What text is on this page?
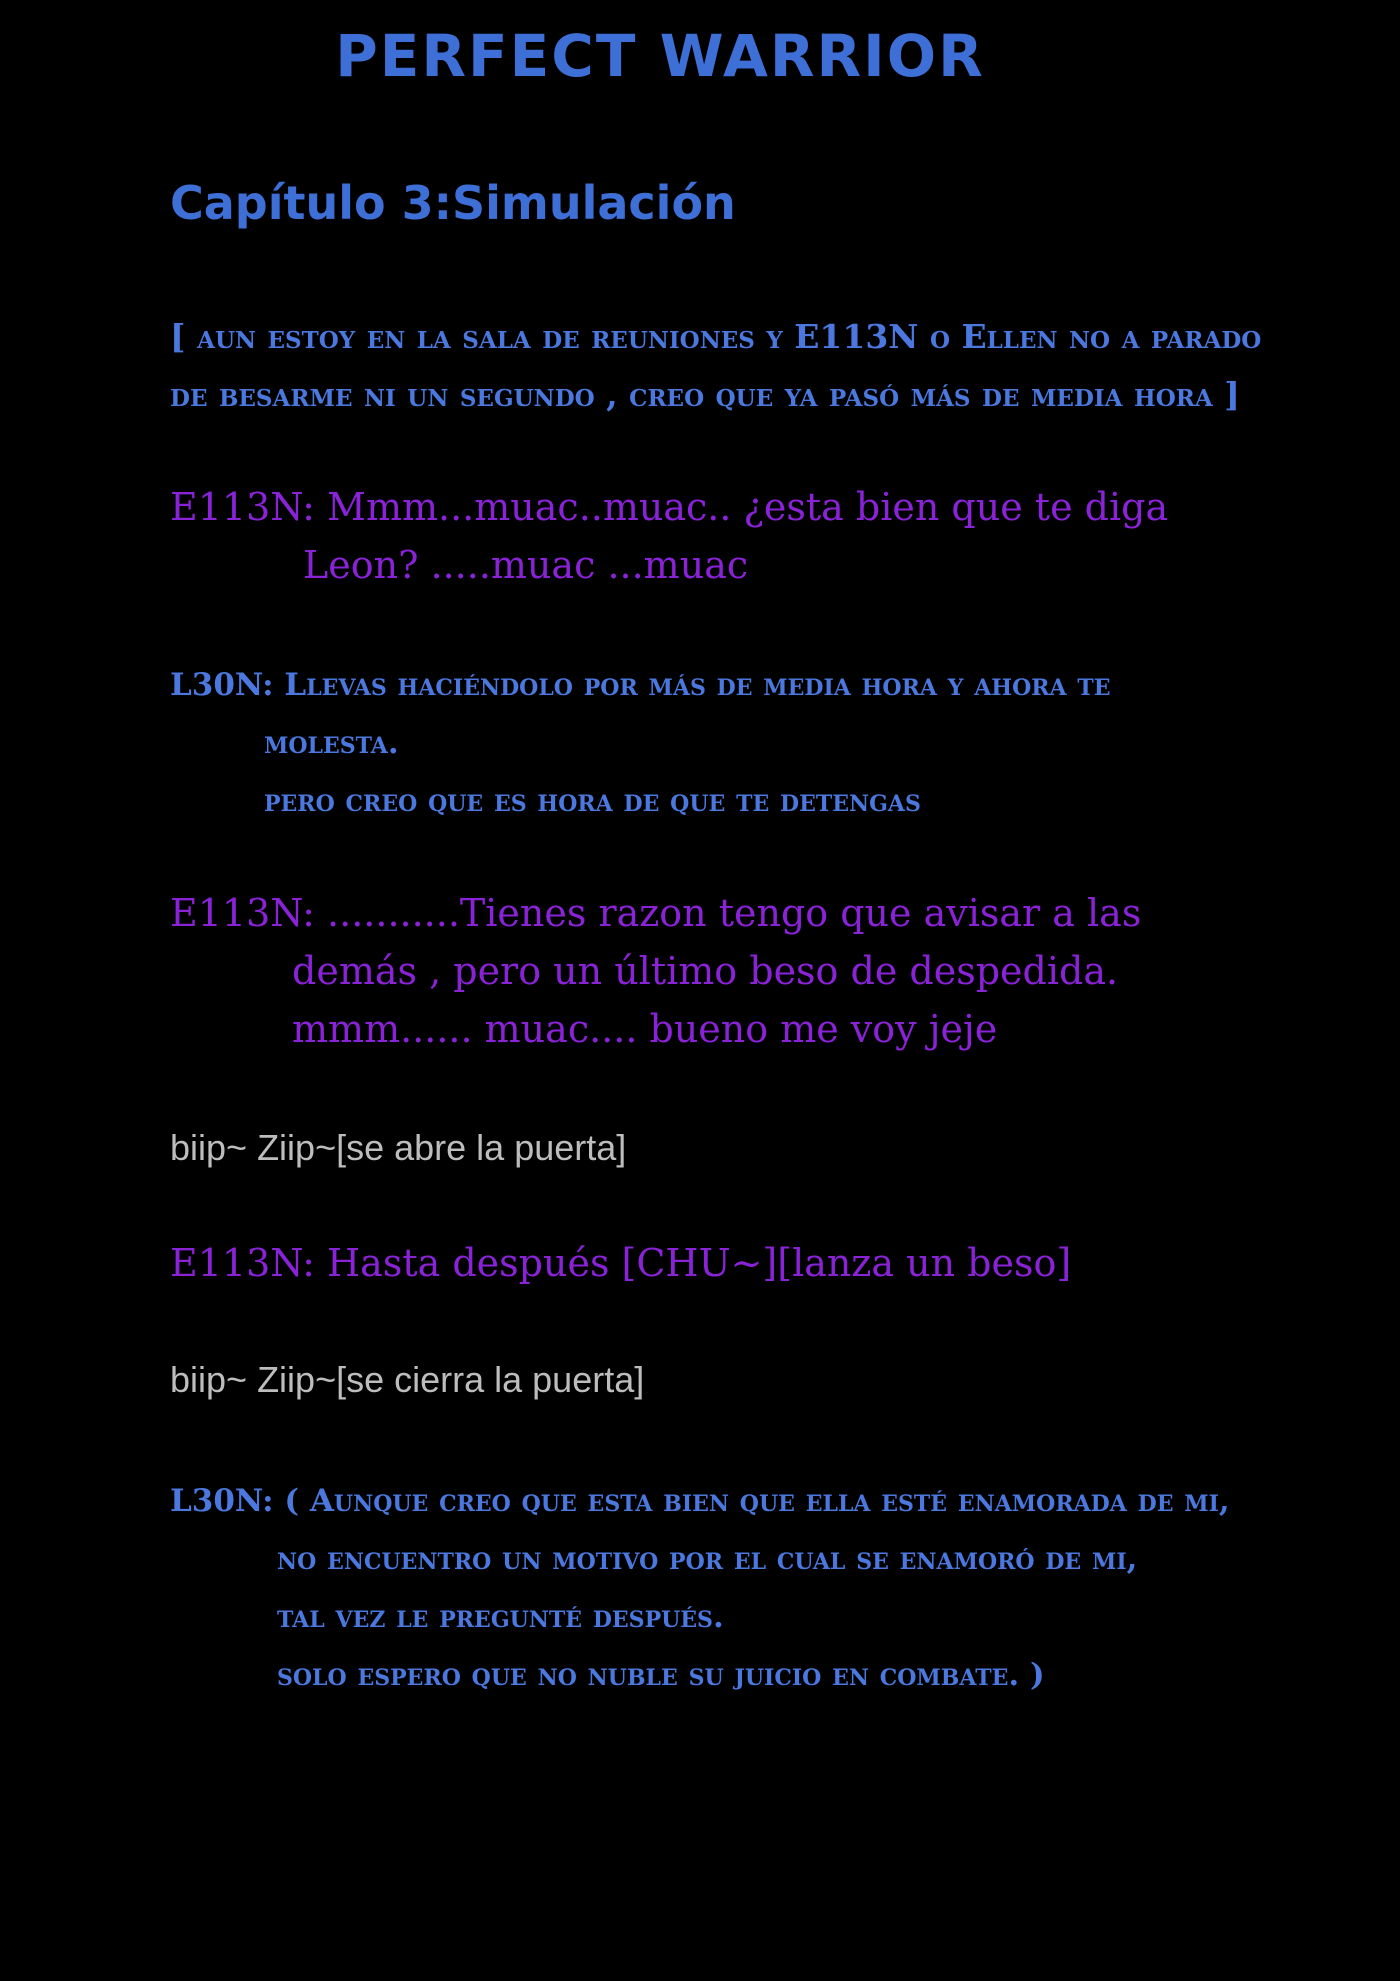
PERFECT WARRIOR
Capítulo 3:Simulación
[ aun estoy en la sala de reuniones y E113N o Ellen no a parado
de besarme ni un segundo , creo que ya pasó más de media hora ]
E113N: Mmm...muac..muac.. ¿esta bien que te diga
Leon? .....muac ...muac
L30N: Llevas haciéndolo por más de media hora y ahora te
molesta.
pero creo que es hora de que te detengas
E113N: ...........Tienes razon tengo que avisar a las
demás , pero un último beso de despedida.
mmm...... muac.... bueno me voy jeje
biip~ Ziip~[se abre la puerta]
E113N: Hasta después [CHU~][lanza un beso]
biip~ Ziip~[se cierra la puerta]
L30N: ( Aunque creo que esta bien que ella esté enamorada de mi,
no encuentro un motivo por el cual se enamoró de mi,
tal vez le pregunté después.
solo espero que no nuble su juicio en combate. )
